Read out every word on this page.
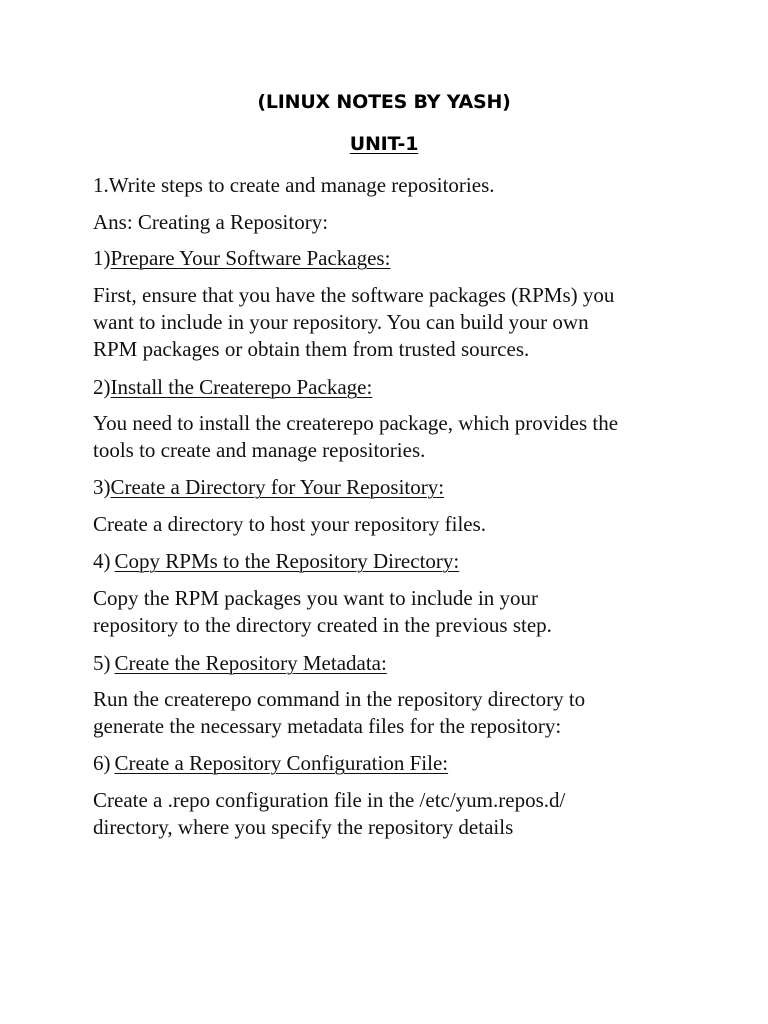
(LINUX NOTES BY YASH)
UNIT-1
1.Write steps to create and manage repositories.
Ans: Creating a Repository:
1)Prepare Your Software Packages:
First, ensure that you have the software packages (RPMs) you
want to include in your repository. You can build your own
RPM packages or obtain them from trusted sources.
2)Install the Createrepo Package:
You need to install the createrepo package, which provides the
tools to create and manage repositories.
3)Create a Directory for Your Repository:
Create a directory to host your repository files.
4) Copy RPMs to the Repository Directory:
Copy the RPM packages you want to include in your
repository to the directory created in the previous step.
5) Create the Repository Metadata:
Run the createrepo command in the repository directory to
generate the necessary metadata files for the repository:
6) Create a Repository Configuration File:
Create a .repo configuration file in the /etc/yum.repos.d/
directory, where you specify the repository details
